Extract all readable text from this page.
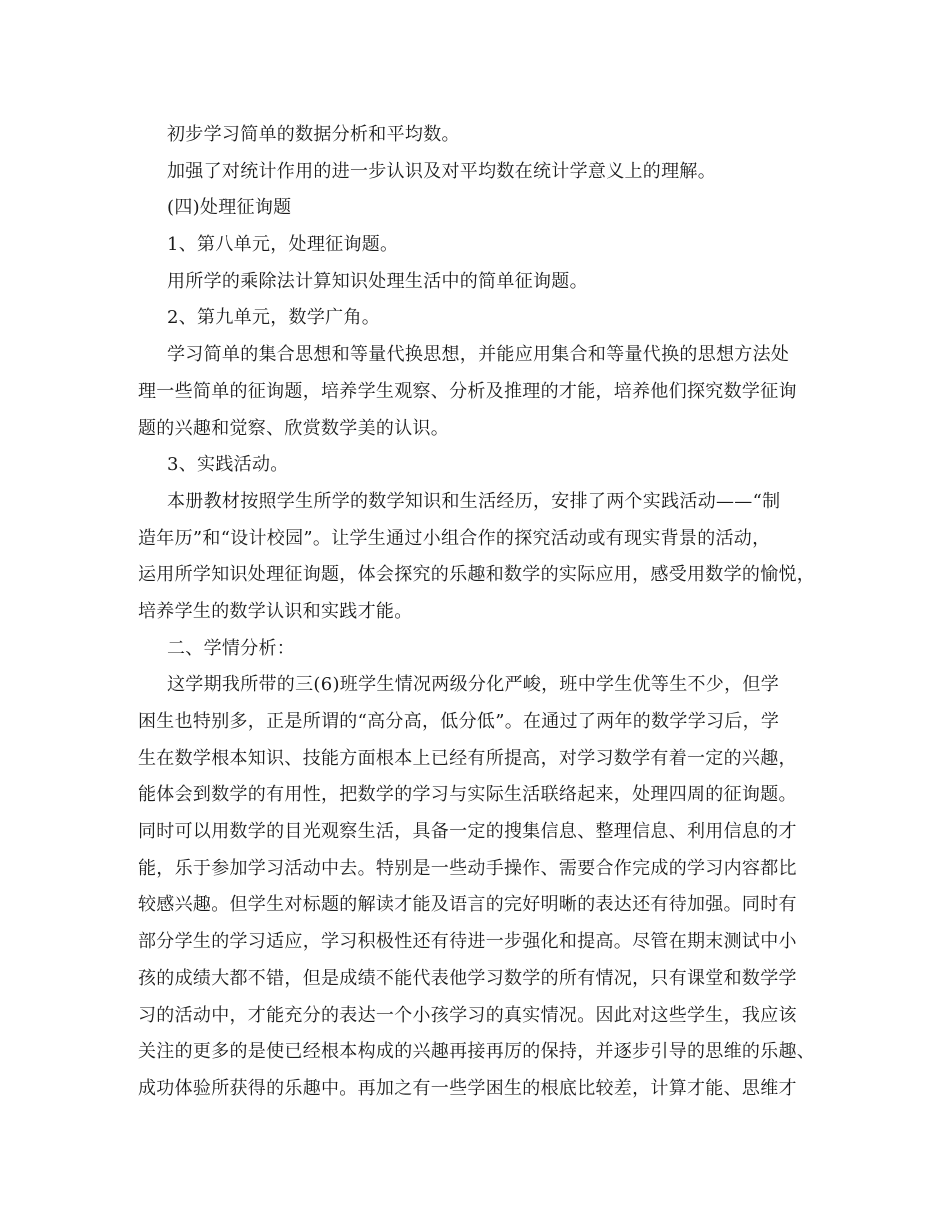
初步学习简单的数据分析和平均数。
加强了对统计作用的进一步认识及对平均数在统计学意义上的理解。
(四)处理征询题
1、第八单元，处理征询题。
用所学的乘除法计算知识处理生活中的简单征询题。
2、第九单元，数学广角。
学习简单的集合思想和等量代换思想，并能应用集合和等量代换的思想方法处
理一些简单的征询题，培养学生观察、分析及推理的才能，培养他们探究数学征询
题的兴趣和觉察、欣赏数学美的认识。
3、实践活动。
本册教材按照学生所学的数学知识和生活经历，安排了两个实践活动——“制
造年历”和“设计校园”。让学生通过小组合作的探究活动或有现实背景的活动，
运用所学知识处理征询题，体会探究的乐趣和数学的实际应用，感受用数学的愉悦，
培养学生的数学认识和实践才能。
二、学情分析：
这学期我所带的三(6)班学生情况两级分化严峻，班中学生优等生不少，但学
困生也特别多，正是所谓的“高分高，低分低”。在通过了两年的数学学习后，学
生在数学根本知识、技能方面根本上已经有所提高，对学习数学有着一定的兴趣，
能体会到数学的有用性，把数学的学习与实际生活联络起来，处理四周的征询题。
同时可以用数学的目光观察生活，具备一定的搜集信息、整理信息、利用信息的才
能，乐于参加学习活动中去。特别是一些动手操作、需要合作完成的学习内容都比
较感兴趣。但学生对标题的解读才能及语言的完好明晰的表达还有待加强。同时有
部分学生的学习适应，学习积极性还有待进一步强化和提高。尽管在期末测试中小
孩的成绩大都不错，但是成绩不能代表他学习数学的所有情况，只有课堂和数学学
习的活动中，才能充分的表达一个小孩学习的真实情况。因此对这些学生，我应该
关注的更多的是使已经根本构成的兴趣再接再厉的保持，并逐步引导的思维的乐趣、
成功体验所获得的乐趣中。再加之有一些学困生的根底比较差，计算才能、思维才
